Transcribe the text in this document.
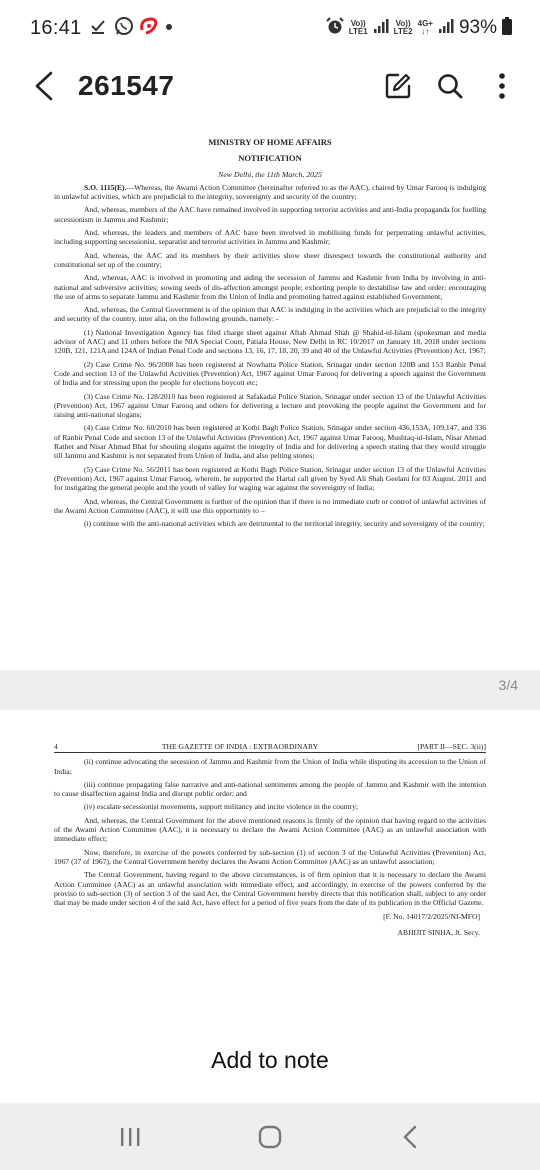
16:41	Vo))
LTE1
Vo))
LTE2
4G+
↓↑ 93%
261547
MINISTRY OF HOME AFFAIRS
NOTIFICATION
New Delhi, the 11th March, 2025

S.O. 1115(E).—Whereas, the Awami Action Committee (hereinafter referred to as the AAC), chaired by Umar Farooq is indulging in unlawful activities, which are prejudicial to the integrity, sovereignty and security of the country;

And, whereas, members of the AAC have remained involved in supporting terrorist activities and anti-India propaganda for fuelling secessionism in Jammu and Kashmir;

And, whereas, the leaders and members of AAC have been involved in mobilising funds for perpetrating unlawful activities, including supporting secessionist, separatist and terrorist activities in Jammu and Kashmir;

And, whereas, the AAC and its members by their activities show sheer disrespect towards the constitutional authority and constitutional set up of the country;

And, whereas, AAC is involved in promoting and aiding the secession of Jammu and Kashmir from India by involving in anti-national and subversive activities; sowing seeds of dis-affection amongst people; exhorting people to destabilise law and order; encouraging the use of arms to separate Jammu and Kashmir from the Union of India and promoting hatred against established Government;

And, whereas, the Central Government is of the opinion that AAC is indulging in the activities which are prejudicial to the integrity and security of the country, inter alia, on the following grounds, namely: -

(1) National Investigation Agency has filed charge sheet against Aftab Ahmad Shah @ Shahid-ul-Islam (spokesman and media advisor of AAC) and 11 others before the NIA Special Court, Patiala House, New Delhi in RC 10/2017 on January 18, 2018 under sections 120B, 121, 121A and 124A of Indian Penal Code and sections 13, 16, 17, 18, 20, 39 and 40 of the Unlawful Activities (Prevention) Act, 1967;

(2) Case Crime No. 96/2008 has been registered at Nowhatta Police Station, Srinagar under section 120B and 153 Ranbir Penal Code and section 13 of the Unlawful Activities (Prevention) Act, 1967 against Umar Farooq for delivering a speech against the Government of India and for stressing upon the people for elections boycott etc;

(3) Case Crime No. 128/2010 has been registered at Safakadal Police Station, Srinagar under section 13 of the Unlawful Activities (Prevention) Act, 1967 against Umar Farooq and others for delivering a lecture and provoking the people against the Government and for raising anti-national slogans;

(4) Case Crime No. 60/2010 has been registered at Kothi Bagh Police Station, Srinagar under section 436,153A, 109,147, and 336 of Ranbir Penal Code and section 13 of the Unlawful Activities (Prevention) Act, 1967 against Umar Farooq, Mushtaq-ul-Islam, Nisar Ahmad Rather and Nisar Ahmad Bhat for shouting slogans against the integrity of India and for delivering a speech stating that they would struggle till Jammu and Kashmir is not separated from Union of India, and also pelting stones;

(5) Case Crime No. 56/2011 has been registered at Kothi Bagh Police Station, Srinagar under section 13 of the Unlawful Activities (Prevention) Act, 1967 against Umar Farooq, wherein, he supported the Hartal call given by Syed Ali Shah Geelani for 03 August, 2011 and for instigating the general people and the youth of valley for waging war against the sovereignty of India;

And, whereas, the Central Government is further of the opinion that if there is no immediate curb or control of unlawful activities of the Awami Action Committee (AAC), it will use this opportunity to –

(i) continue with the anti-national activities which are detrimental to the territorial integrity, security and sovereignty of the country;

3/4
4	THE GAZETTE OF INDIA : EXTRAORDINARY	[PART II—SEC. 3(ii)]

(ii) continue advocating the secession of Jammu and Kashmir from the Union of India while disputing its accession to the Union of India;

(iii) continue propagating false narrative and anti-national sentiments among the people of Jammu and Kashmir with the intention to cause disaffection against India and disrupt public order; and

(iv) escalate secessionist movements, support militancy and incite violence in the country;

And, whereas, the Central Government for the above mentioned reasons is firmly of the opinion that having regard to the activities of the Awami Action Committee (AAC), it is necessary to declare the Awami Action Committee (AAC) as an unlawful association with immediate effect;

Now, therefore, in exercise of the powers conferred by sub-section (1) of section 3 of the Unlawful Activities (Prevention) Act, 1967 (37 of 1967), the Central Government hereby declares the Awami Action Committee (AAC) as an unlawful association;

The Central Government, having regard to the above circumstances, is of firm opinion that it is necessary to declare the Awami Action Committee (AAC) as an unlawful association with immediate effect, and accordingly, in exercise of the powers conferred by the proviso to sub-section (3) of section 3 of the said Act, the Central Government hereby directs that this notification shall, subject to any order that may be made under section 4 of the said Act, have effect for a period of five years from the date of its publication in the Official Gazette.

[F. No. 14017/2/2025/NI-MFO]
ABHIJIT SINHA, Jt. Secy.
Add to note
